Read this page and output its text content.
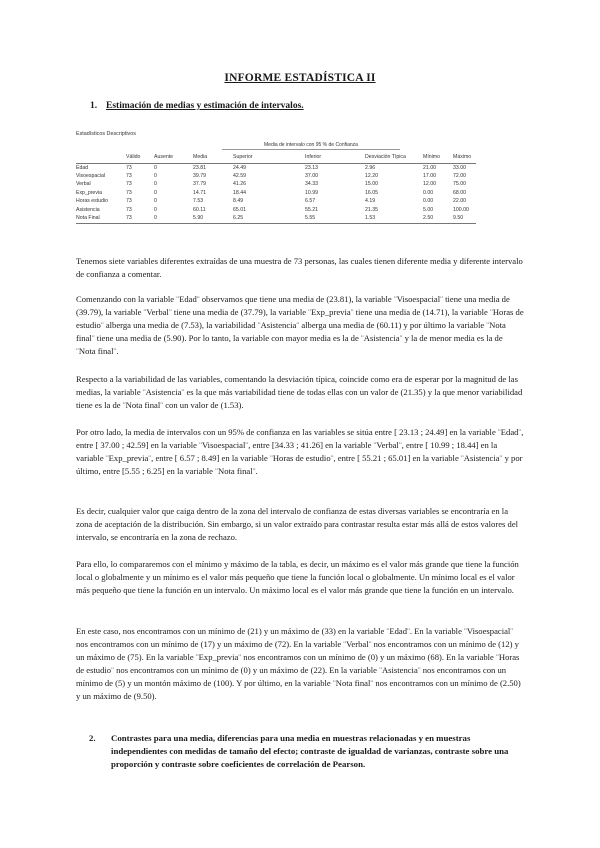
INFORME ESTADÍSTICA II
1. Estimación de medias y estimación de intervalos.
Estadísticos Descriptivos
Media de intervalo con 95 % de Confianza
	Válido	Ausente	Media	Superior	Inferior	Desviación Típica	Mínimo	Máximo
Edad	73	0	23.81	24.49	23.13	2.96	21.00	33.00
Visoespacial	73	0	39.79	42.59	37.00	12.20	17.00	72.00
Verbal	73	0	37.79	41.26	34.33	15.00	12.00	75.00
Exp_previa	73	0	14.71	18.44	10.99	16.05	0.00	68.00
Horas estudio	73	0	7.53	8.49	6.57	4.19	0.00	22.00
Asistencia	73	0	60.11	65.01	55.21	21.35	5.00	100.00
Nota Final	73	0	5.90	6.25	5.55	1.53	2.50	9.50
Tenemos siete variables diferentes extraídas de una muestra de 73 personas, las cuales tienen diferente media y diferente intervalo de confianza a comentar.
Comenzando con la variable ¨Edad¨ observamos que tiene una media de (23.81), la variable ¨Visoespacial¨ tiene una media de (39.79), la variable ¨Verbal¨ tiene una media de (37.79), la variable ¨Exp_previa¨ tiene una media de (14.71), la variable ¨Horas de estudio¨ alberga una media de (7.53), la variabilidad ¨Asistencia¨ alberga una media de (60.11) y por último la variable ¨Nota final¨ tiene una media de (5.90). Por lo tanto, la variable con mayor media es la de ¨Asistencia¨ y la de menor media es la de ¨Nota final¨.
Respecto a la variabilidad de las variables, comentando la desviación típica, coincide como era de esperar por la magnitud de las medias, la variable ¨Asistencia¨ es la que más variabilidad tiene de todas ellas con un valor de (21.35) y la que menor variabilidad tiene es la de ¨Nota final¨ con un valor de (1.53).
Por otro lado, la media de intervalos con un 95% de confianza en las variables se sitúa entre [ 23.13 ; 24.49] en la variable ¨Edad¨, entre [ 37.00 ; 42.59] en la variable ¨Visoespacial¨, entre [34.33 ; 41.26] en la variable ¨Verbal¨, entre [ 10.99 ; 18.44] en la variable ¨Exp_previa¨, entre [ 6.57 ; 8.49] en la variable ¨Horas de estudio¨, entre [ 55.21 ; 65.01] en la variable ¨Asistencia¨ y por último, entre [5.55 ; 6.25] en la variable ¨Nota final¨.
Es decir, cualquier valor que caiga dentro de la zona del intervalo de confianza de estas diversas variables se encontraría en la zona de aceptación de la distribución. Sin embargo, si un valor extraído para contrastar resulta estar más allá de estos valores del intervalo, se encontraría en la zona de rechazo.
Para ello, lo compararemos con el mínimo y máximo de la tabla, es decir, un máximo es el valor más grande que tiene la función local o globalmente y un mínimo es el valor más pequeño que tiene la función local o globalmente. Un mínimo local es el valor más pequeño que tiene la función en un intervalo. Un máximo local es el valor más grande que tiene la función en un intervalo.
En este caso, nos encontramos con un mínimo de (21) y un máximo de (33) en la variable ¨Edad¨. En la variable ¨Visoespacial¨ nos encontramos con un mínimo de (17) y un máximo de (72). En la variable ¨Verbal¨ nos encontramos con un mínimo de (12) y un máximo de (75). En la variable ¨Exp_previa¨ nos encontramos con un mínimo de (0) y un máximo (68). En la variable ¨Horas de estudio¨ nos encontramos con un mínimo de (0) y un máximo de (22). En la variable ¨Asistencia¨ nos encontramos con un mínimo de (5) y un montón máximo de (100). Y por último, en la variable ¨Nota final¨ nos encontramos con un mínimo de (2.50) y un máximo de (9.50).
2. Contrastes para una media, diferencias para una media en muestras relacionadas y en muestras independientes con medidas de tamaño del efecto; contraste de igualdad de varianzas, contraste sobre una proporción y contraste sobre coeficientes de correlación de Pearson.
